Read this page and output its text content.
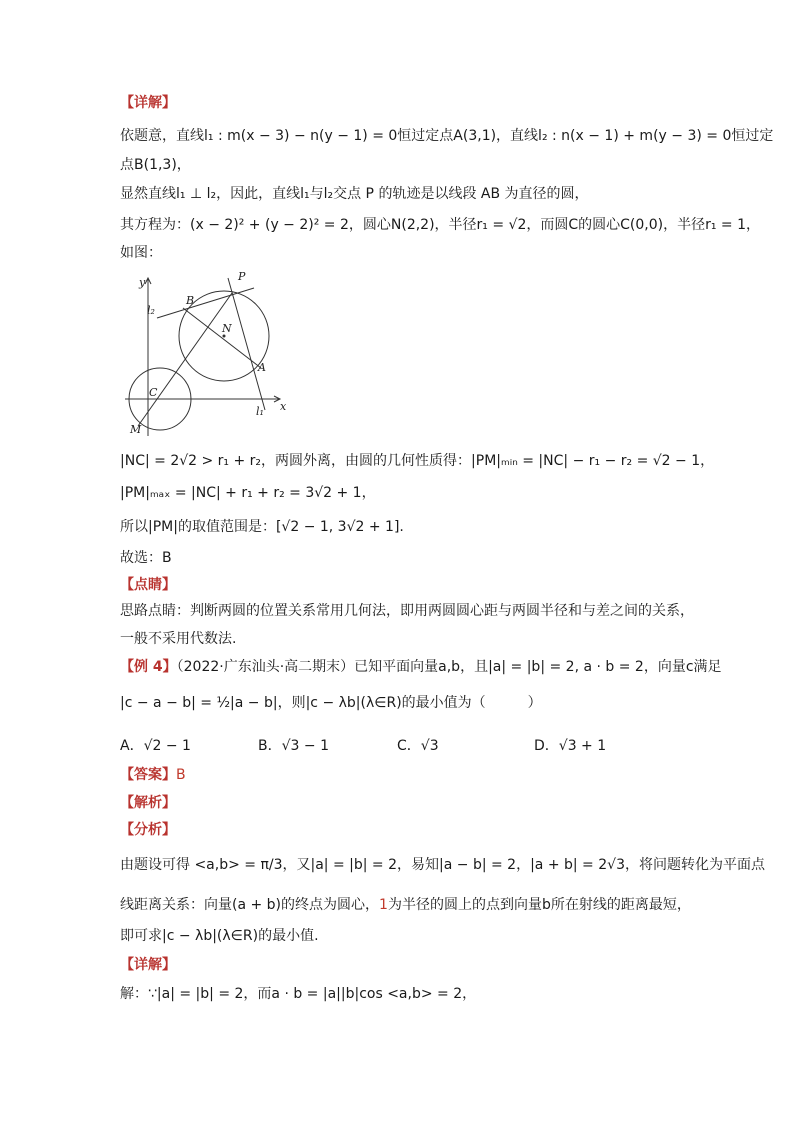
【详解】
依题意，直线l₁ : m(x − 3) − n(y − 1) = 0恒过定点A(3,1)，直线l₂ : n(x − 1) + m(y − 3) = 0恒过定
点B(1,3)，
显然直线l₁ ⊥ l₂，因此，直线l₁与l₂交点 P 的轨迹是以线段 AB 为直径的圆，
其方程为：(x − 2)² + (y − 2)² = 2，圆心N(2,2)，半径r₁ = √2，而圆C的圆心C(0,0)，半径r₁ = 1，
如图：
y	P
l₂
B
N
A
C
x
M
l₁
|NC| = 2√2 > r₁ + r₂，两圆外离，由圆的几何性质得：|PM|ₘᵢₙ = |NC| − r₁ − r₂ = √2 − 1，
|PM|ₘₐₓ = |NC| + r₁ + r₂ = 3√2 + 1，
所以|PM|的取值范围是：[√2 − 1, 3√2 + 1].
故选：B
【点睛】
思路点睛：判断两圆的位置关系常用几何法，即用两圆圆心距与两圆半径和与差之间的关系，
一般不采用代数法.
【例 4】（2022·广东汕头·高二期末）已知平面向量a,b，且|a| = |b| = 2, a · b = 2，向量c满足
|c − a − b| = ½|a − b|，则|c − λb|(λ∈R)的最小值为（　　　）
A．√2 − 1	B．√3 − 1	C．√3	D．√3 + 1
【答案】B
【解析】
【分析】
由题设可得 <a,b> = π/3，又|a| = |b| = 2，易知|a − b| = 2，|a + b| = 2√3，将问题转化为平面点
线距离关系：向量(a + b)的终点为圆心，1为半径的圆上的点到向量b所在射线的距离最短，
即可求|c − λb|(λ∈R)的最小值.
【详解】
解：∵|a| = |b| = 2，而a · b = |a||b|cos <a,b> = 2，
